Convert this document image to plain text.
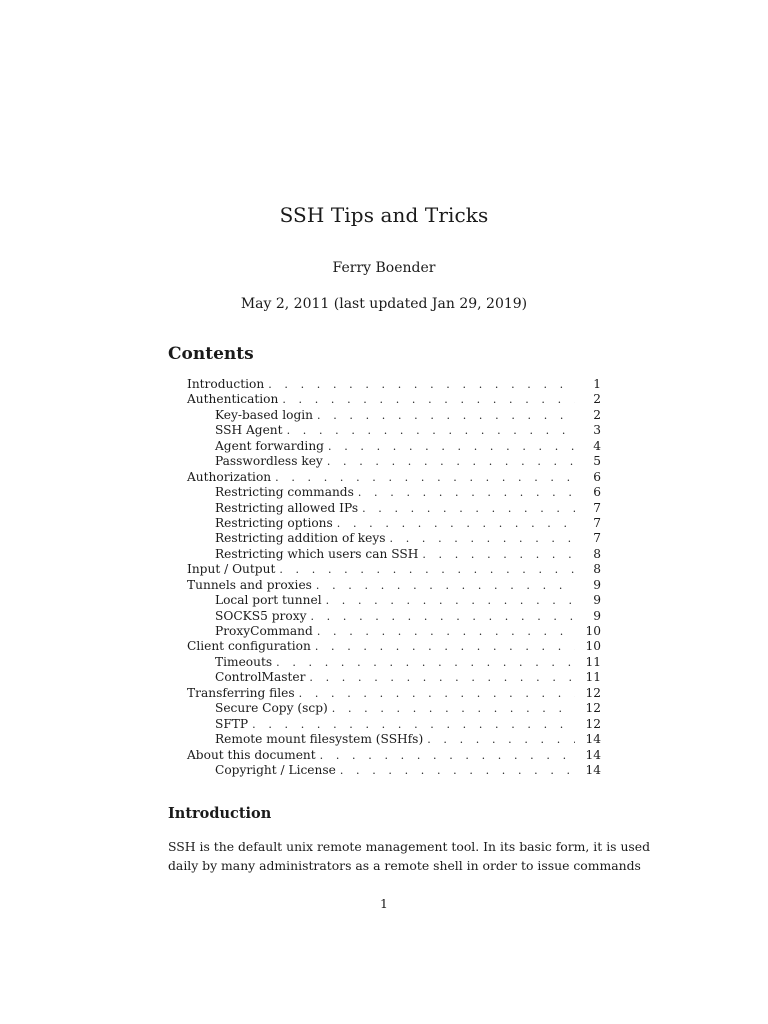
SSH Tips and Tricks
Ferry Boender
May 2, 2011 (last updated Jan 29, 2019)
Contents
Introduction . . .	1
Authentication . . .	2
Key-based login . . .	2
SSH Agent . . .	3
Agent forwarding . . .	4
Passwordless key . . .	5
Authorization . . .	6
Restricting commands . . .	6
Restricting allowed IPs . . .	7
Restricting options . . .	7
Restricting addition of keys . . .	7
Restricting which users can SSH . . .	8
Input / Output . . .	8
Tunnels and proxies . . .	9
Local port tunnel . . .	9
SOCKS5 proxy . . .	9
ProxyCommand . . .	10
Client configuration . . .	10
Timeouts . . .	11
ControlMaster . . .	11
Transferring files . . .	12
Secure Copy (scp) . . .	12
SFTP . . .	12
Remote mount filesystem (SSHfs) . . .	14
About this document . . .	14
Copyright / License . . .	14
Introduction

SSH is the default unix remote management tool. In its basic form, it is used
daily by many administrators as a remote shell in order to issue commands

1
